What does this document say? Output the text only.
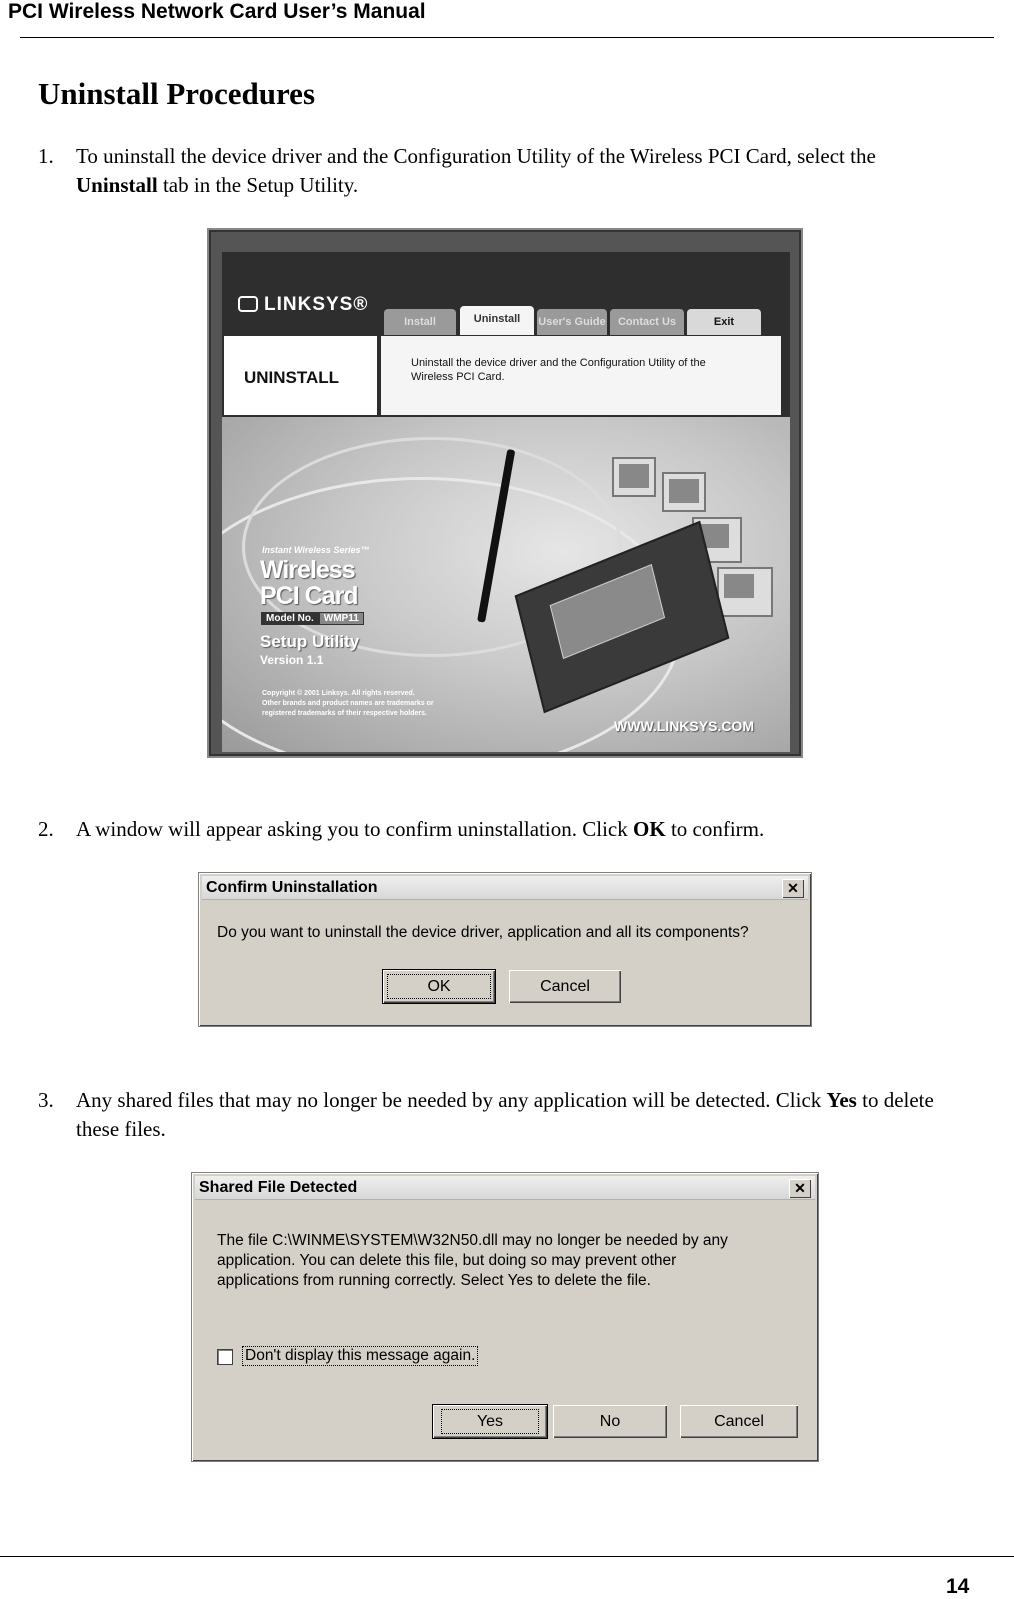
PCI Wireless Network Card User’s Manual
Uninstall Procedures
1. To uninstall the device driver and the Configuration Utility of the Wireless PCI Card, select the Uninstall tab in the Setup Utility.
LINKSYS®
Install	Uninstall	User's Guide	Contact Us	Exit
UNINSTALL
Uninstall the device driver and the Configuration Utility of the Wireless PCI Card.
Instant Wireless Series™
Wireless PCI Card
Model No. WMP11
Setup Utility
Version 1.1
Copyright © 2001 Linksys. All rights reserved.
Other brands and product names are trademarks or registered trademarks of their respective holders.
WWW.LINKSYS.COM
2. A window will appear asking you to confirm uninstallation. Click OK to confirm.
Confirm Uninstallation	✕
Do you want to uninstall the device driver, application and all its components?
OK	Cancel
3. Any shared files that may no longer be needed by any application will be detected. Click Yes to delete these files.
Shared File Detected	✕
The file C:\WINME\SYSTEM\W32N50.dll may no longer be needed by any
application. You can delete this file, but doing so may prevent other
applications from running correctly. Select Yes to delete the file.
Don't display this message again.
Yes	No	Cancel
14
